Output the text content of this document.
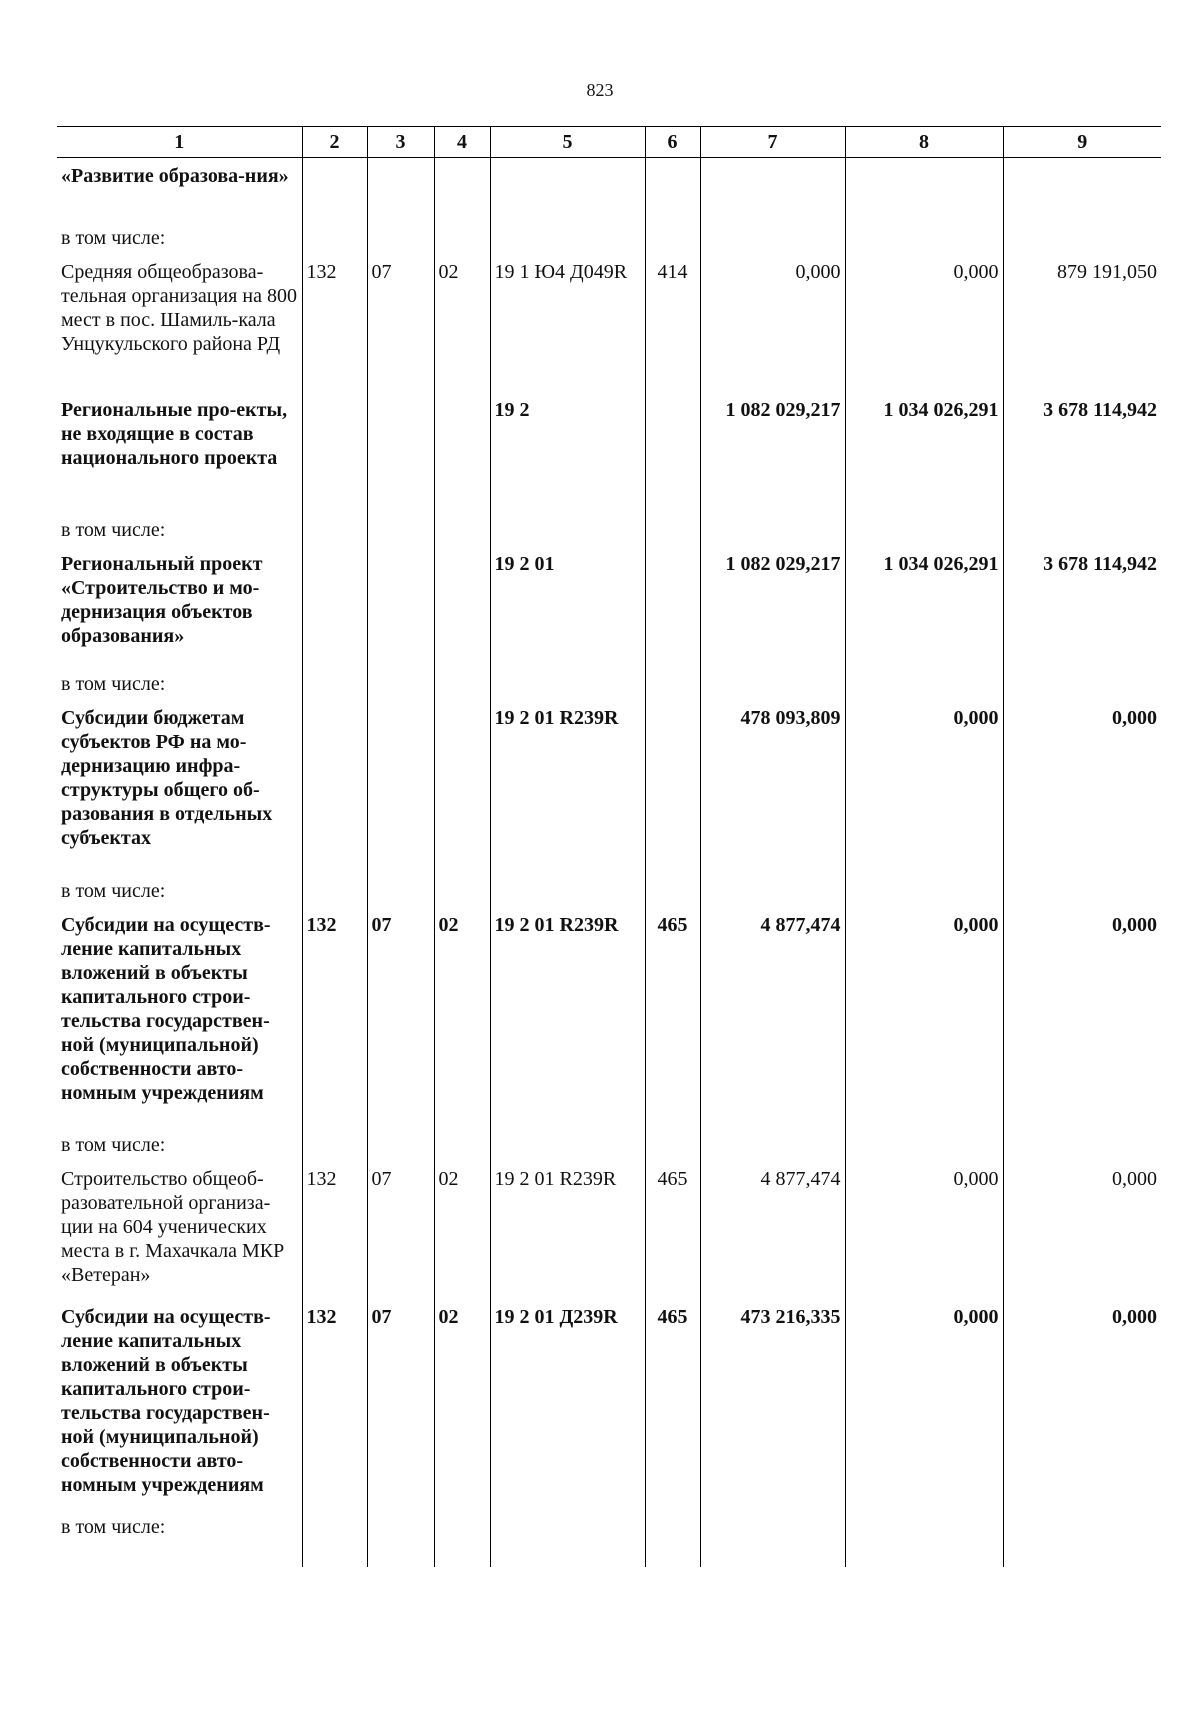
823
1	2	3	4	5	6	7	8	9
«Развитие образова-ния»								
в том числе:								
Средняя общеобразова-тельная организация на 800 мест в пос. Шамиль-кала Унцукульского района РД	132	07	02	19 1 Ю4 Д049R	414	0,000	0,000	879 191,050
Региональные про-екты, не входящие в состав национального проекта				19 2		1 082 029,217	1 034 026,291	3 678 114,942
в том числе:								
Региональный проект «Строительство и мо-дернизация объектов образования»				19 2 01		1 082 029,217	1 034 026,291	3 678 114,942
в том числе:								
Субсидии бюджетам субъектов РФ на мо-дернизацию инфра-структуры общего об-разования в отдельных субъектах				19 2 01 R239R		478 093,809	0,000	0,000
в том числе:								
Субсидии на осуществ-ление капитальных вложений в объекты капитального строи-тельства государствен-ной (муниципальной) собственности авто-номным учреждениям	132	07	02	19 2 01 R239R	465	4 877,474	0,000	0,000
в том числе:								
Строительство общеоб-разовательной организа-ции на 604 ученических места в г. Махачкала МКР «Ветеран»	132	07	02	19 2 01 R239R	465	4 877,474	0,000	0,000
Субсидии на осуществ-ление капитальных вложений в объекты капитального строи-тельства государствен-ной (муниципальной) собственности авто-номным учреждениям	132	07	02	19 2 01 Д239R	465	473 216,335	0,000	0,000
в том числе:								
